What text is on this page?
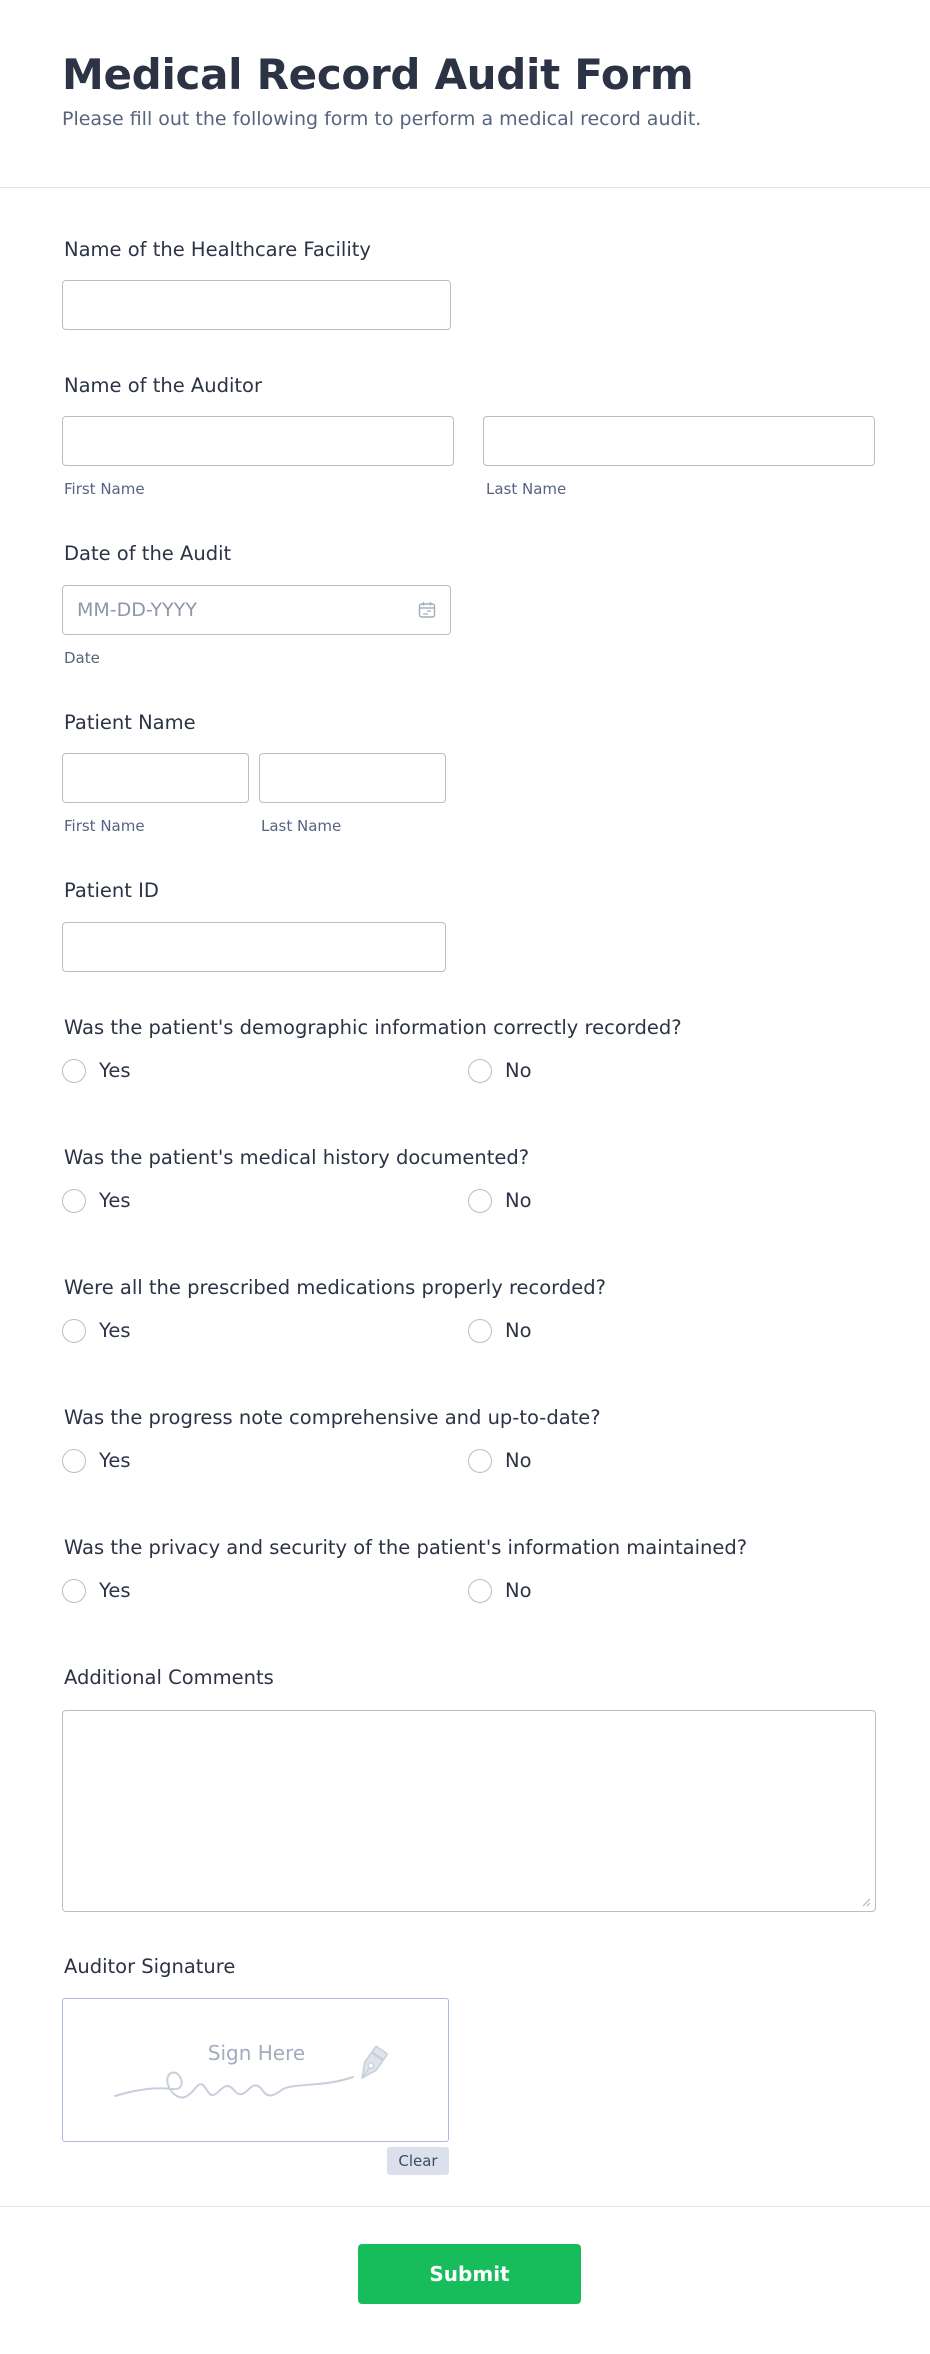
Medical Record Audit Form
Please fill out the following form to perform a medical record audit.
Name of the Healthcare Facility
Name of the Auditor
First Name	Last Name
Date of the Audit
MM-DD-YYYY
Date
Patient Name
First Name	Last Name
Patient ID
Was the patient's demographic information correctly recorded?
Yes	No
Was the patient's medical history documented?
Yes	No
Were all the prescribed medications properly recorded?
Yes	No
Was the progress note comprehensive and up-to-date?
Yes	No
Was the privacy and security of the patient's information maintained?
Yes	No
Additional Comments
Auditor Signature
Sign Here
Clear
Submit
